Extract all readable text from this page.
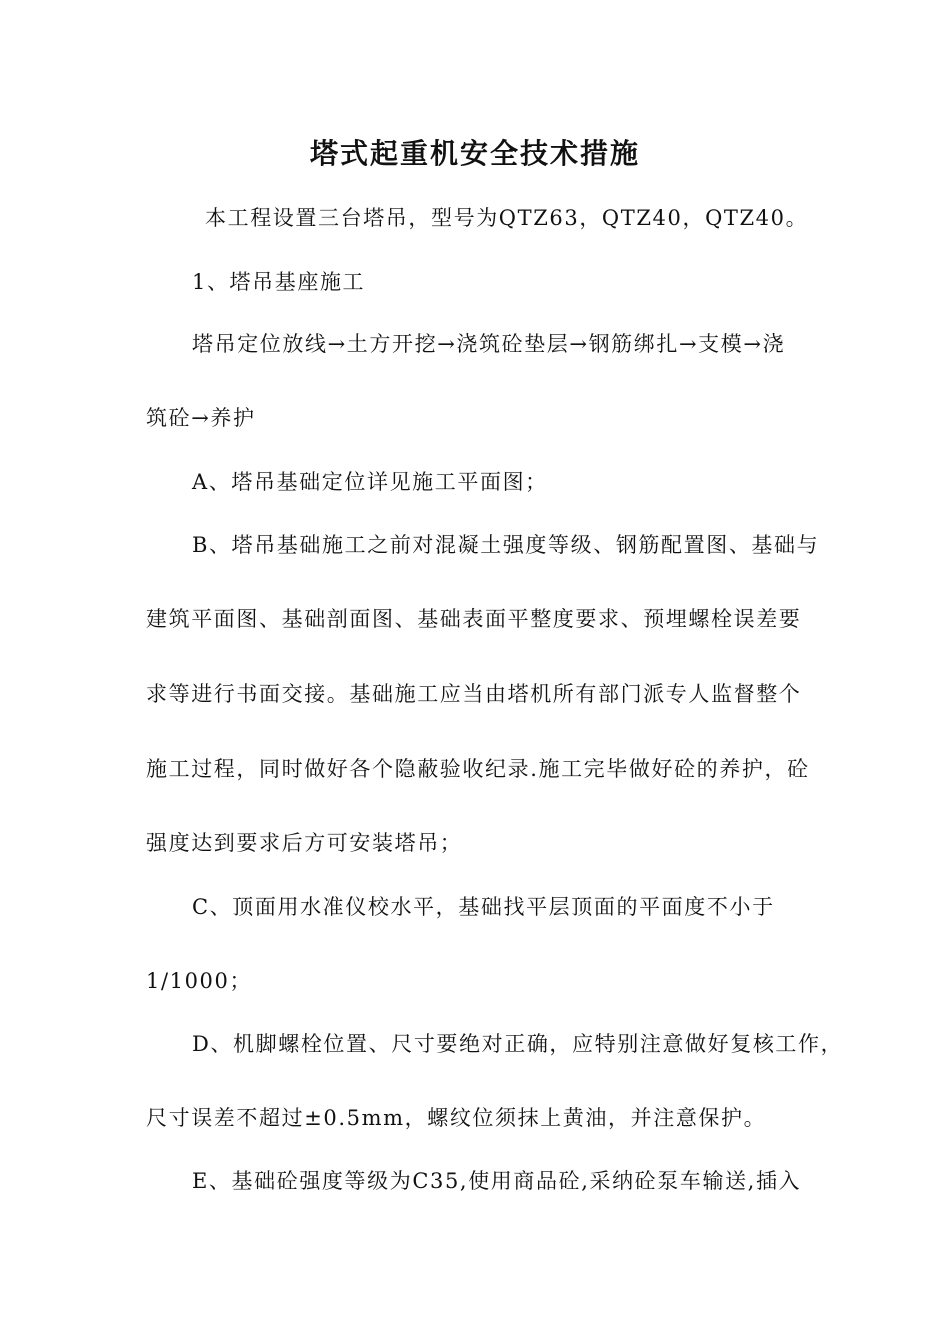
塔式起重机安全技术措施
本工程设置三台塔吊，型号为QTZ63，QTZ40，QTZ40。
1、塔吊基座施工
塔吊定位放线→土方开挖→浇筑砼垫层→钢筋绑扎→支模→浇
筑砼→养护
A、塔吊基础定位详见施工平面图；
B、塔吊基础施工之前对混凝土强度等级、钢筋配置图、基础与
建筑平面图、基础剖面图、基础表面平整度要求、预埋螺栓误差要
求等进行书面交接。基础施工应当由塔机所有部门派专人监督整个
施工过程，同时做好各个隐蔽验收纪录.施工完毕做好砼的养护，砼
强度达到要求后方可安装塔吊；
C、顶面用水准仪校水平，基础找平层顶面的平面度不小于
1/1000；
D、机脚螺栓位置、尺寸要绝对正确，应特别注意做好复核工作，
尺寸误差不超过±0.5mm，螺纹位须抹上黄油，并注意保护。
E、基础砼强度等级为C35,使用商品砼,采纳砼泵车输送,插入
